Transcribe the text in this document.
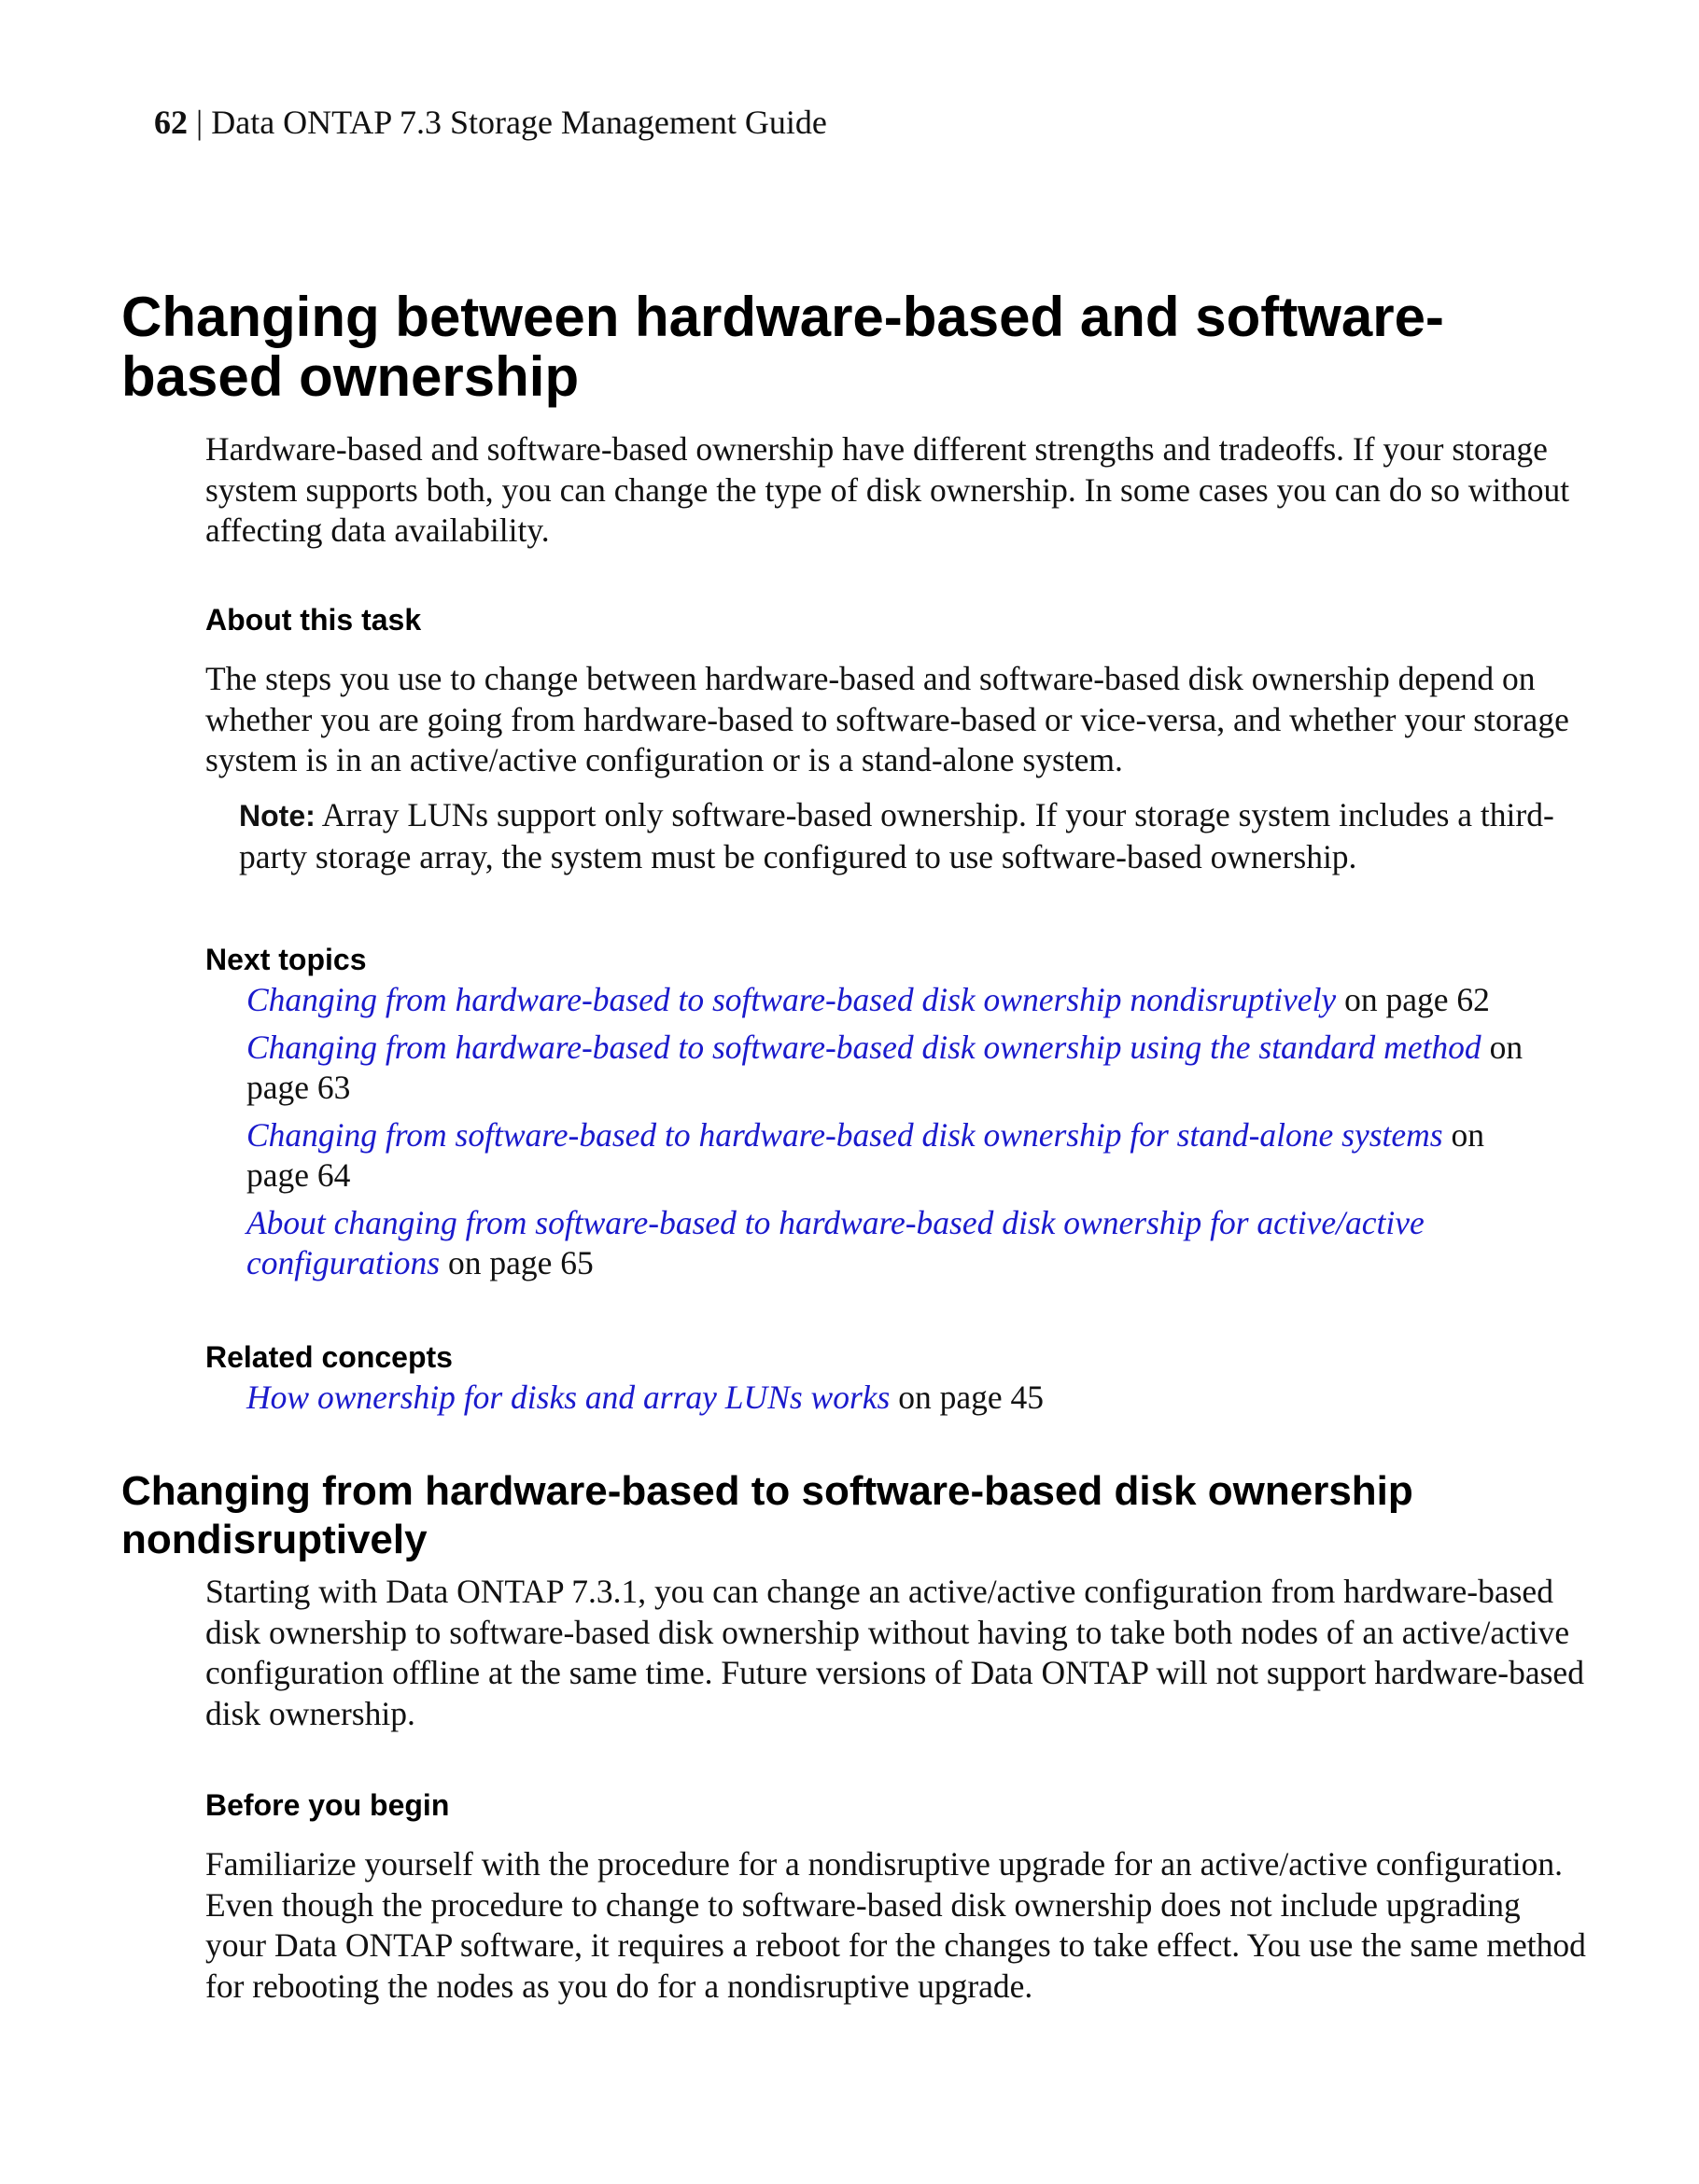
62 | Data ONTAP 7.3 Storage Management Guide
Changing between hardware-based and software-based ownership

Hardware-based and software-based ownership have different strengths and tradeoffs. If your storage system supports both, you can change the type of disk ownership. In some cases you can do so without affecting data availability.

About this task

The steps you use to change between hardware-based and software-based disk ownership depend on whether you are going from hardware-based to software-based or vice-versa, and whether your storage system is in an active/active configuration or is a stand-alone system.

Note: Array LUNs support only software-based ownership. If your storage system includes a third-party storage array, the system must be configured to use software-based ownership.

Next topics
Changing from hardware-based to software-based disk ownership nondisruptively on page 62
Changing from hardware-based to software-based disk ownership using the standard method on page 63
Changing from software-based to hardware-based disk ownership for stand-alone systems on page 64
About changing from software-based to hardware-based disk ownership for active/active configurations on page 65
Related concepts
How ownership for disks and array LUNs works on page 45
Changing from hardware-based to software-based disk ownership nondisruptively

Starting with Data ONTAP 7.3.1, you can change an active/active configuration from hardware-based disk ownership to software-based disk ownership without having to take both nodes of an active/active configuration offline at the same time. Future versions of Data ONTAP will not support hardware-based disk ownership.

Before you begin

Familiarize yourself with the procedure for a nondisruptive upgrade for an active/active configuration. Even though the procedure to change to software-based disk ownership does not include upgrading your Data ONTAP software, it requires a reboot for the changes to take effect. You use the same method for rebooting the nodes as you do for a nondisruptive upgrade.
